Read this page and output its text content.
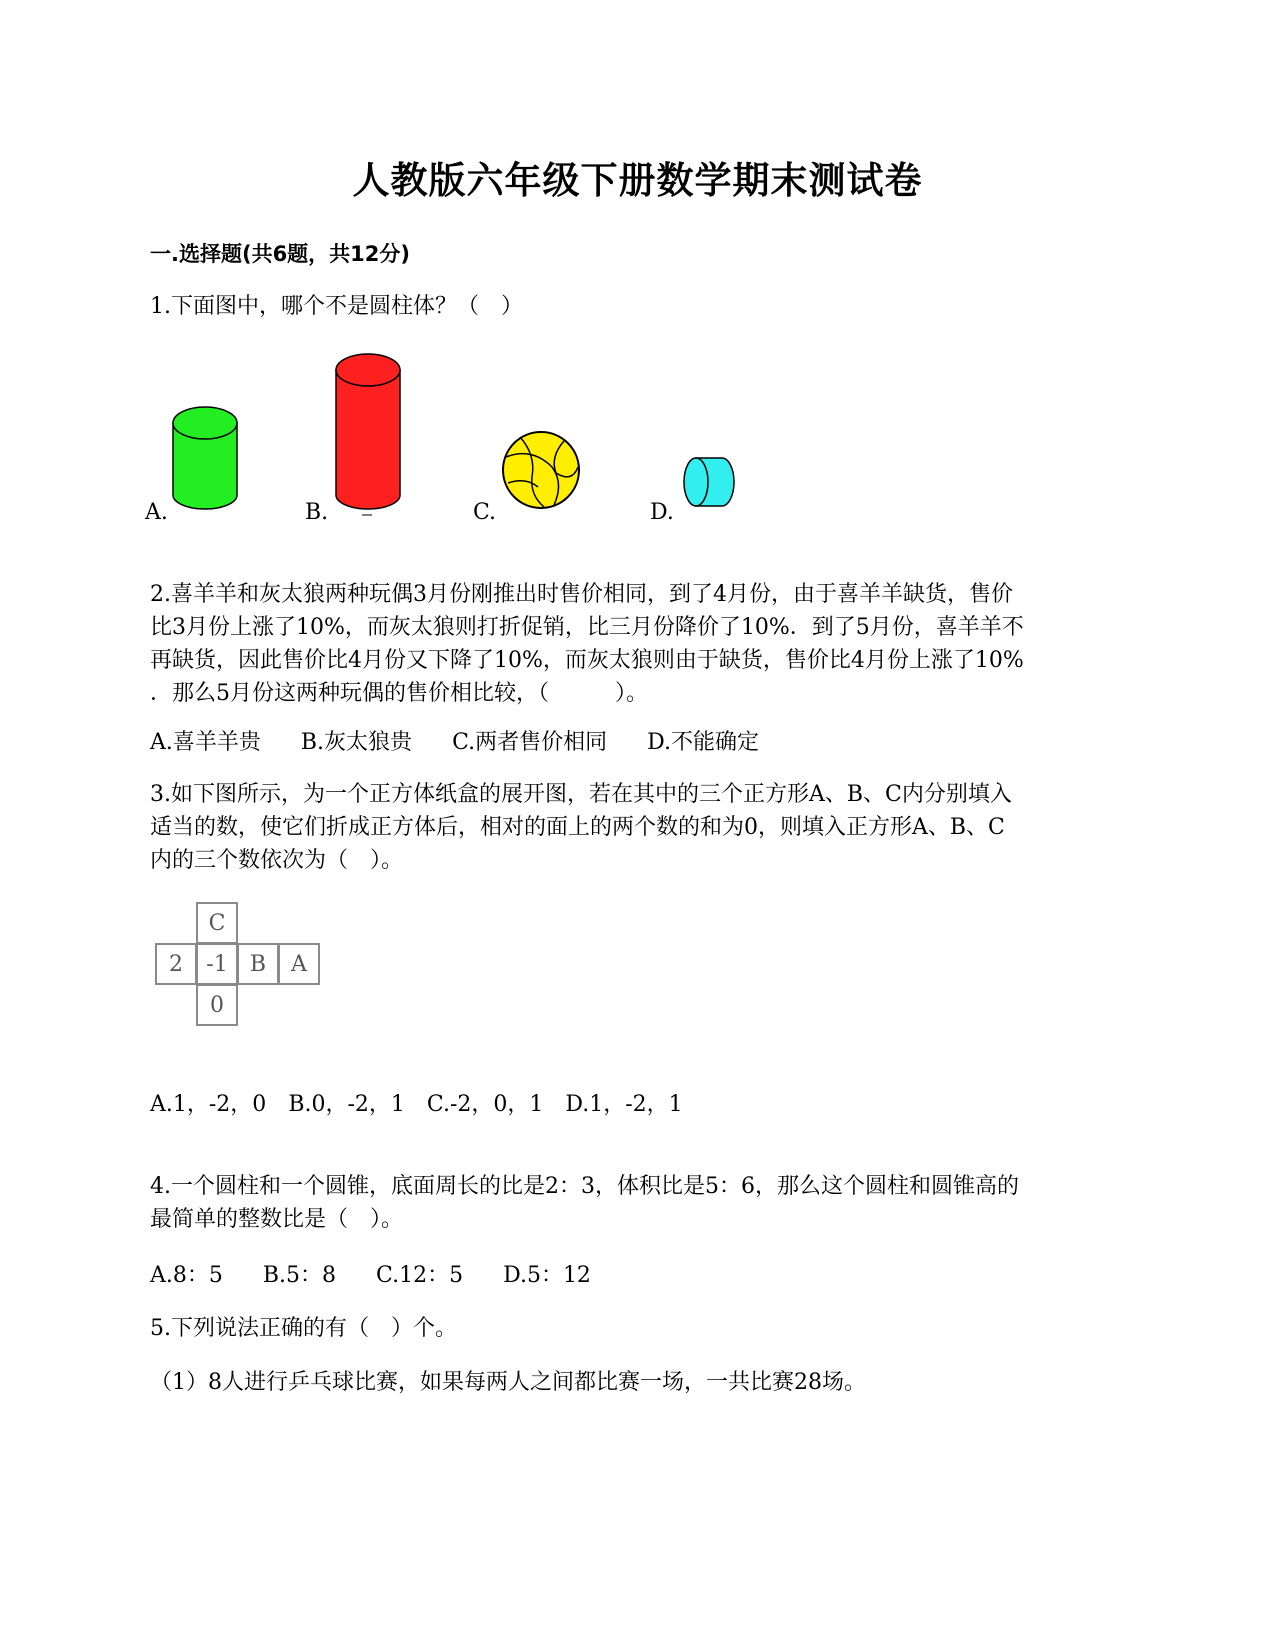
人教版六年级下册数学期末测试卷
一.选择题(共6题，共12分)
1.下面图中，哪个不是圆柱体？（　）
A.	B.	C.	D.
2.喜羊羊和灰太狼两种玩偶3月份刚推出时售价相同，到了4月份，由于喜羊羊缺货，售价
比3月份上涨了10%，而灰太狼则打折促销，比三月份降价了10%．到了5月份，喜羊羊不
再缺货，因此售价比4月份又下降了10%，而灰太狼则由于缺货，售价比4月份上涨了10%
．那么5月份这两种玩偶的售价相比较，（　　　）。
A.喜羊羊贵 B.灰太狼贵 C.两者售价相同 D.不能确定
3.如下图所示，为一个正方体纸盒的展开图，若在其中的三个正方形A、B、C内分别填入
适当的数，使它们折成正方体后，相对的面上的两个数的和为0，则填入正方形A、B、C
内的三个数依次为（　）。
C
2	-1	B	A
0
A.1，-2，0 B.0，-2，1 C.-2，0，1 D.1，-2，1
4.一个圆柱和一个圆锥，底面周长的比是2：3，体积比是5：6，那么这个圆柱和圆锥高的
最简单的整数比是（　）。
A.8：5 B.5：8 C.12：5 D.5：12
5.下列说法正确的有（　）个。
（1）8人进行乒乓球比赛，如果每两人之间都比赛一场，一共比赛28场。
